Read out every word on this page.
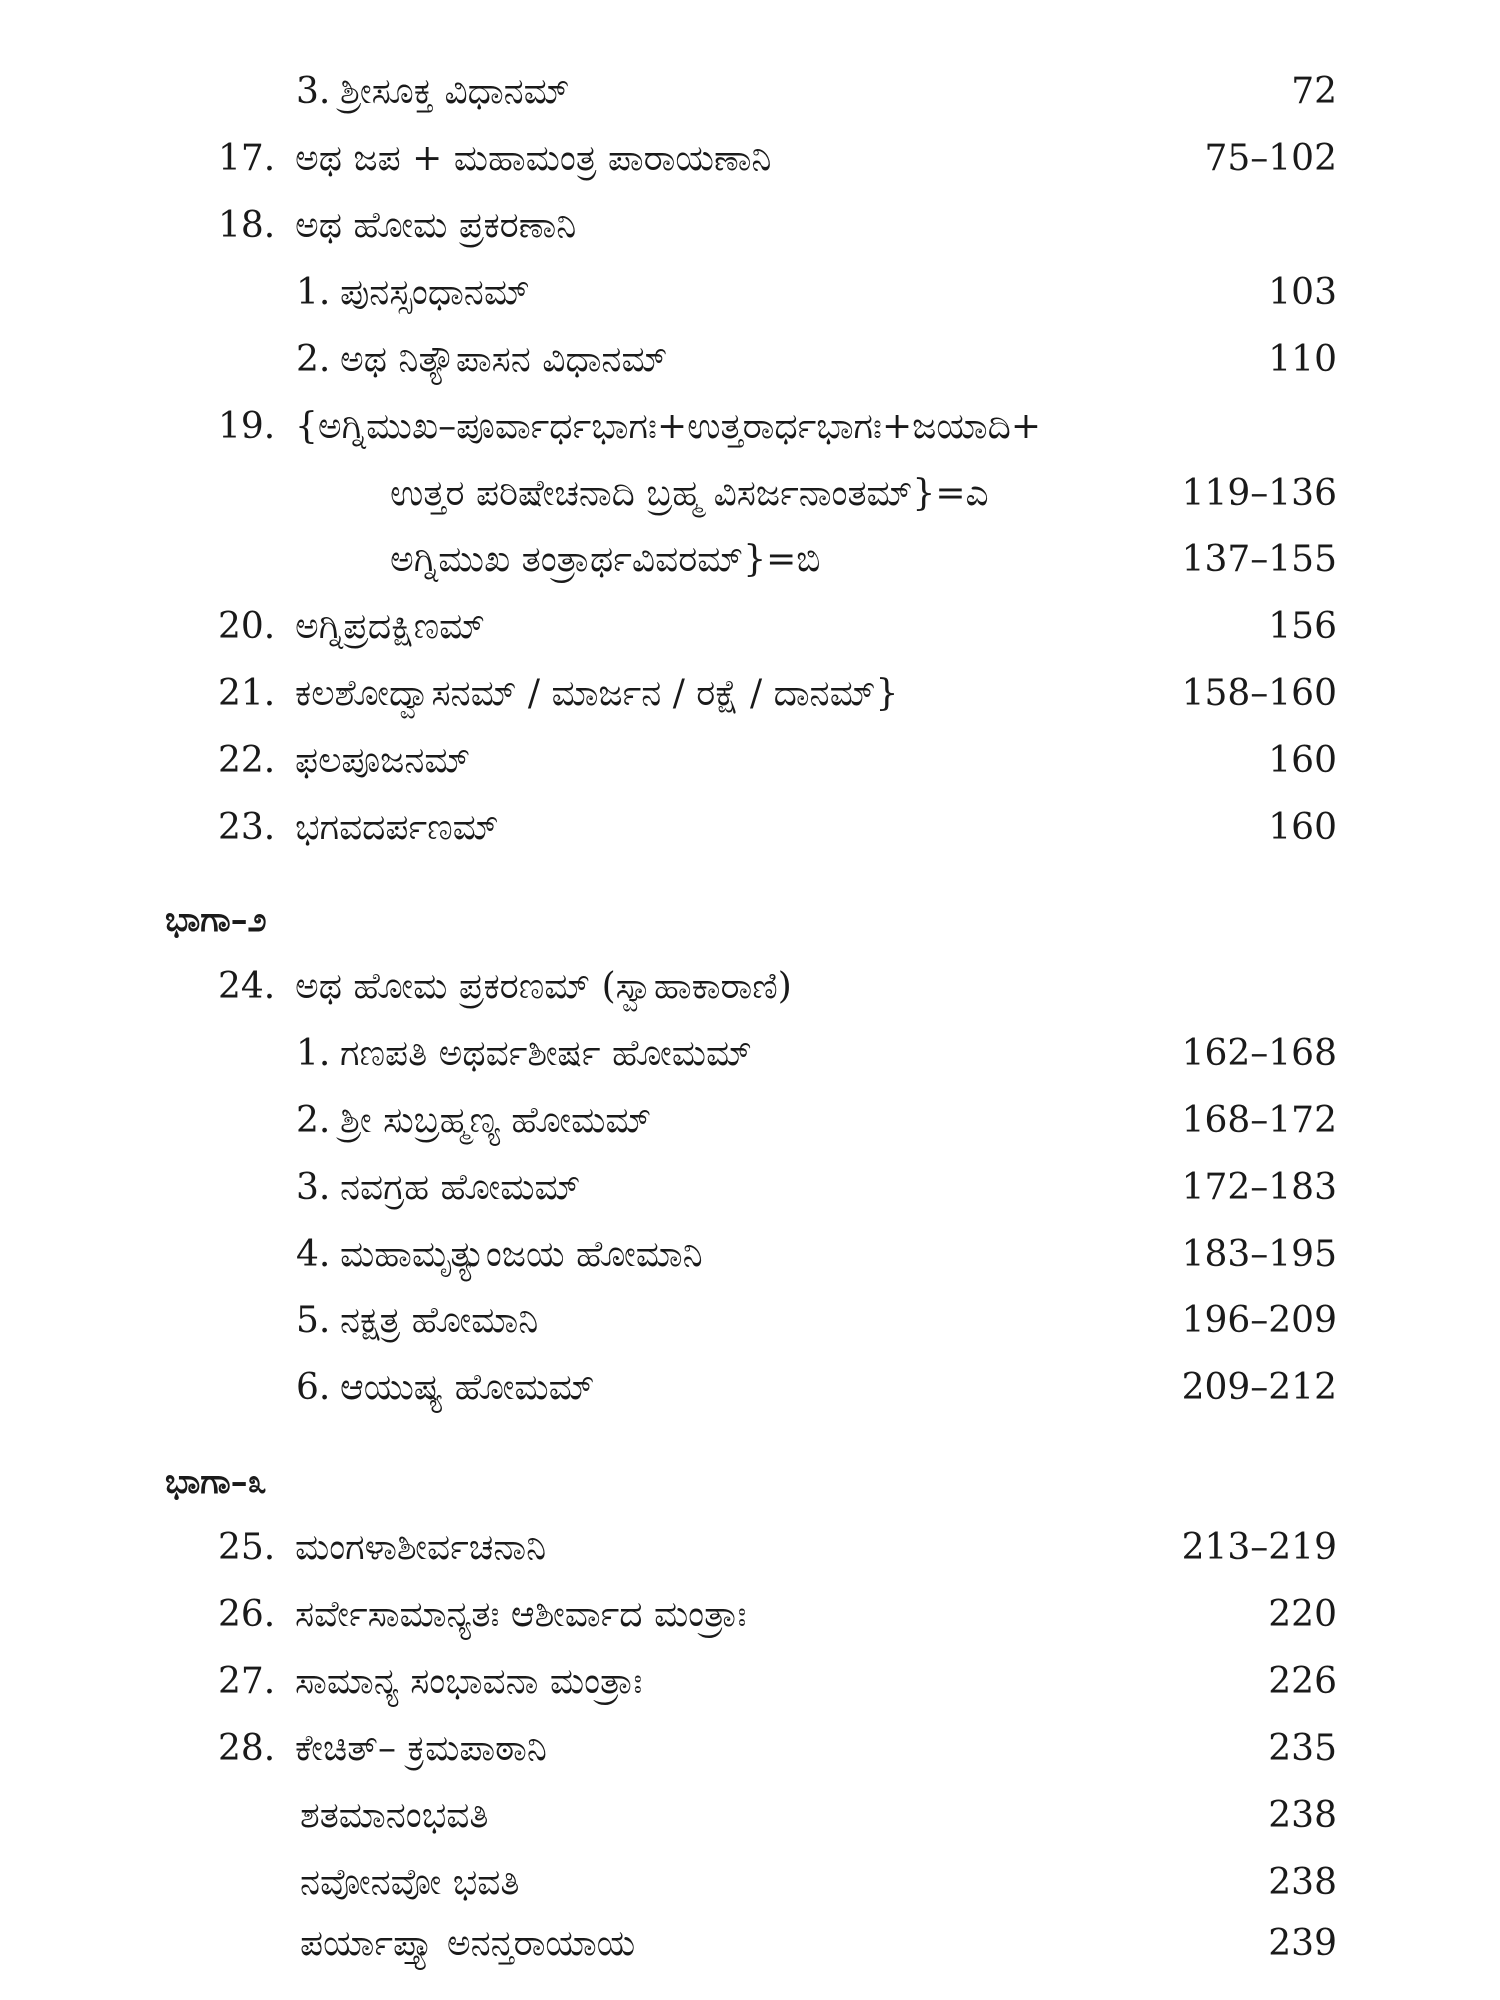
3. ಶ್ರೀಸೂಕ್ತ ವಿಧಾನಮ್	72
17. ಅಥ ಜಪ + ಮಹಾಮಂತ್ರ ಪಾರಾಯಣಾನಿ	75–102
18. ಅಥ ಹೋಮ ಪ್ರಕರಣಾನಿ
1. ಪುನಸ್ಸಂಧಾನಮ್	103
2. ಅಥ ನಿತ್ಯೌಪಾಸನ ವಿಧಾನಮ್	110
19. {ಅಗ್ನಿಮುಖ–ಪೂರ್ವಾರ್ಧಭಾಗಃ+ಉತ್ತರಾರ್ಧಭಾಗಃ+ಜಯಾದಿ+
ಉತ್ತರ ಪರಿಷೇಚನಾದಿ ಬ್ರಹ್ಮ ವಿಸರ್ಜನಾಂತಮ್}=ಎ	119–136
ಅಗ್ನಿಮುಖ ತಂತ್ರಾರ್ಥವಿವರಮ್}=ಬಿ	137–155
20. ಅಗ್ನಿಪ್ರದಕ್ಷಿಣಮ್	156
21. ಕಲಶೋದ್ವಾಸನಮ್ / ಮಾರ್ಜನ / ರಕ್ಷೆ / ದಾನಮ್}	158–160
22. ಫಲಪೂಜನಮ್	160
23. ಭಗವದರ್ಪಣಮ್	160
ಭಾಗಾ–೨
24. ಅಥ ಹೋಮ ಪ್ರಕರಣಮ್ (ಸ್ವಾಹಾಕಾರಾಣಿ)
1. ಗಣಪತಿ ಅಥರ್ವಶೀರ್ಷ ಹೋಮಮ್	162–168
2. ಶ್ರೀ ಸುಬ್ರಹ್ಮಣ್ಯ ಹೋಮಮ್	168–172
3. ನವಗ್ರಹ ಹೋಮಮ್	172–183
4. ಮಹಾಮೃತ್ಯುಂಜಯ ಹೋಮಾನಿ	183–195
5. ನಕ್ಷತ್ರ ಹೋಮಾನಿ	196–209
6. ಆಯುಷ್ಯ ಹೋಮಮ್	209–212
ಭಾಗಾ–೩
25. ಮಂಗಳಾಶೀರ್ವಚನಾನಿ	213–219
26. ಸರ್ವೇಸಾಮಾನ್ಯತಃ ಆಶೀರ್ವಾದ ಮಂತ್ರಾಃ	220
27. ಸಾಮಾನ್ಯ ಸಂಭಾವನಾ ಮಂತ್ರಾಃ	226
28. ಕೇಚಿತ್– ಕ್ರಮಪಾಠಾನಿ	235
ಶತಮಾನಂಭವತಿ	238
ನವೋನವೋ ಭವತಿ	238
ಪರ್ಯಾಪ್ತ್ಯಾ ಅನನ್ತರಾಯಾಯ	239
